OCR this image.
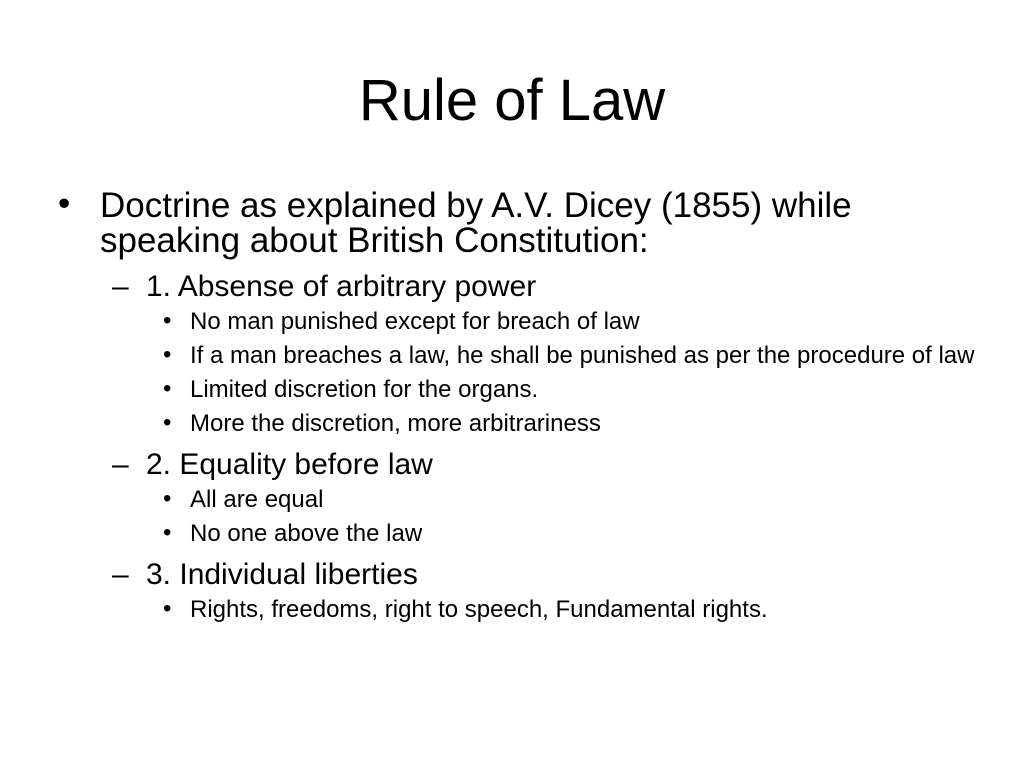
Rule of Law
• Doctrine as explained by A.V. Dicey (1855) while speaking about British Constitution:
– 1. Absense of arbitrary power
• No man punished except for breach of law
• If a man breaches a law, he shall be punished as per the procedure of law
• Limited discretion for the organs.
• More the discretion, more arbitrariness
– 2. Equality before law
• All are equal
• No one above the law
– 3. Individual liberties
• Rights, freedoms, right to speech, Fundamental rights.
